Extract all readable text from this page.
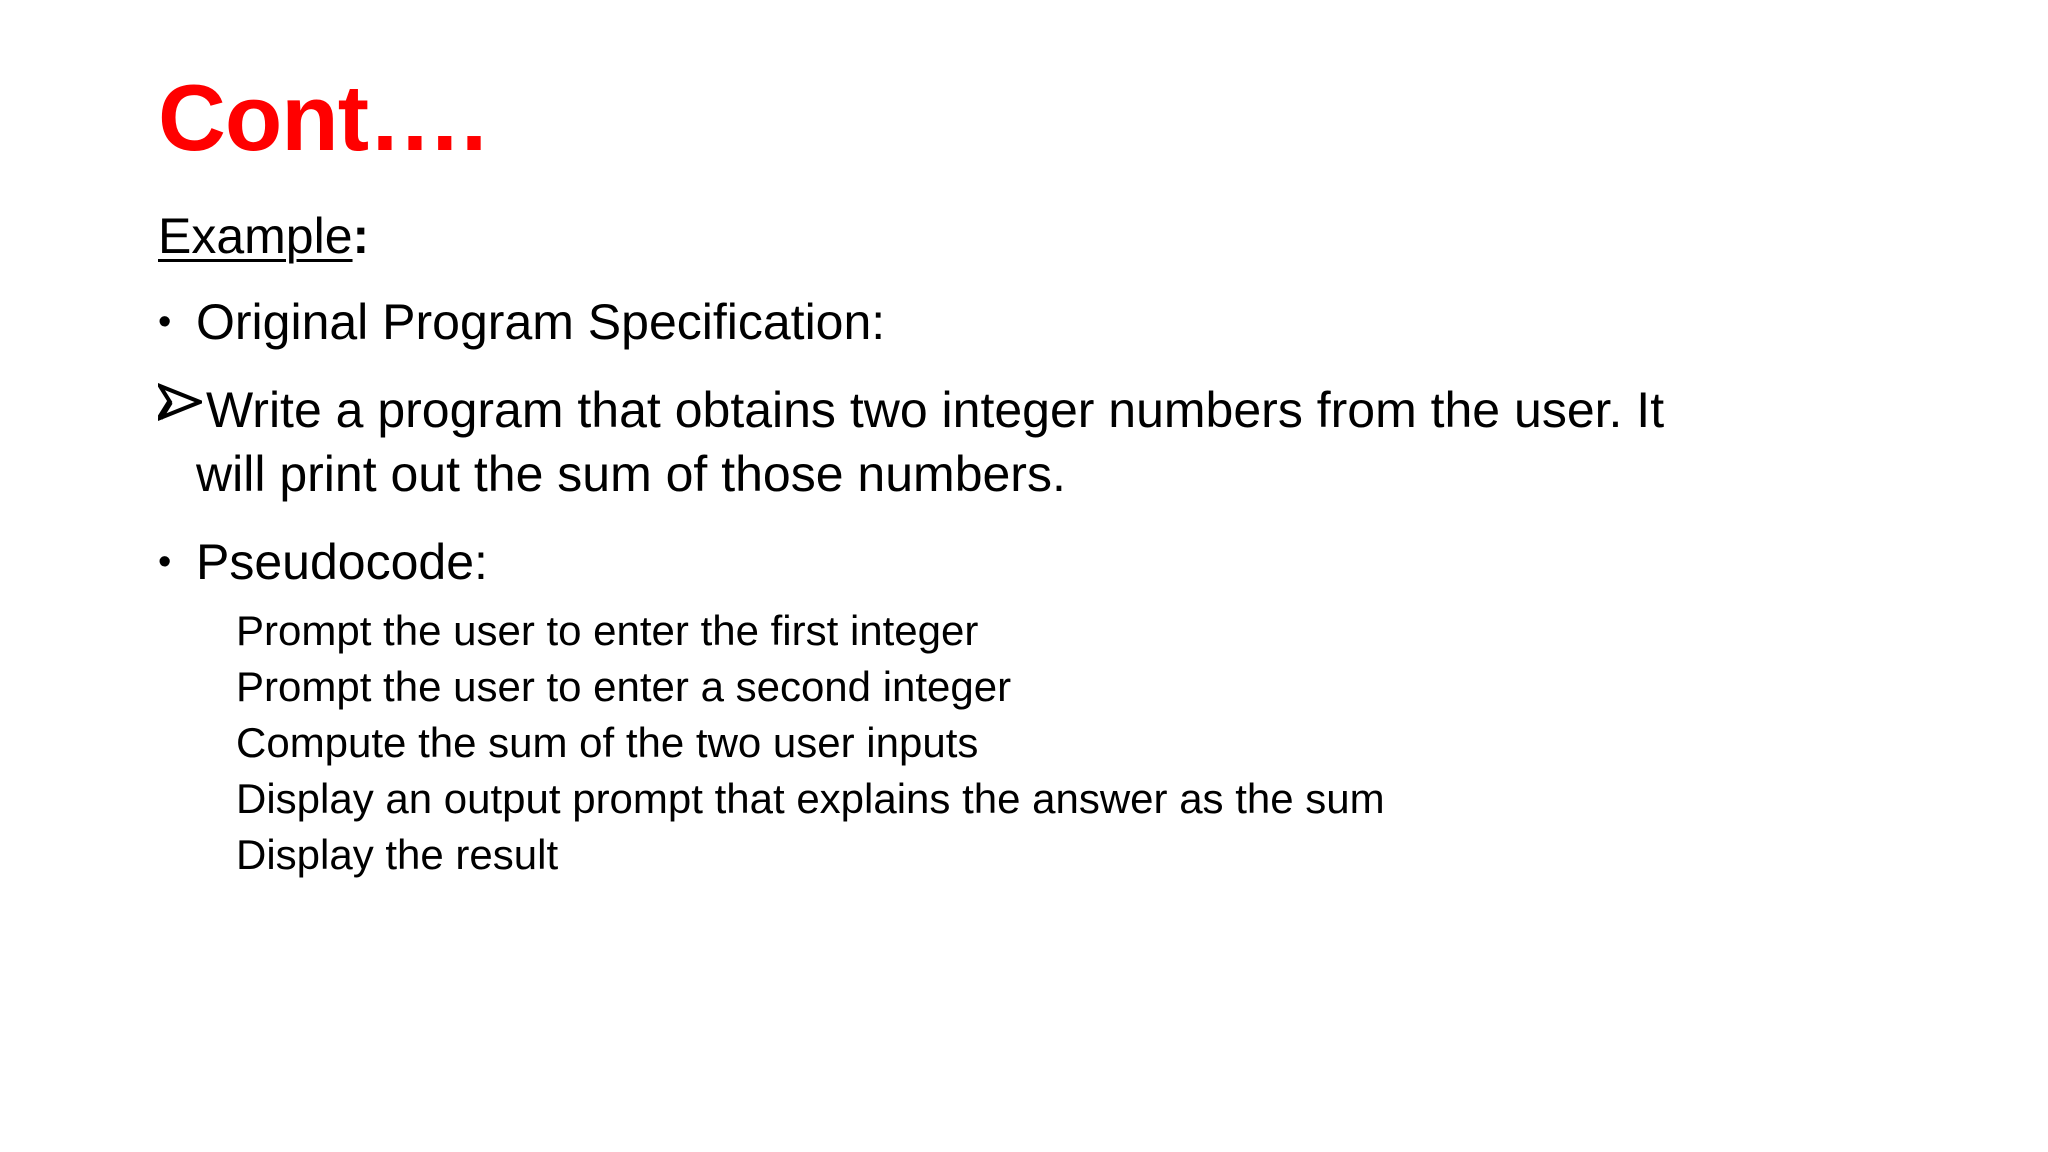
Cont….
Example:
• Original Program Specification:
Write a program that obtains two integer numbers from the user. It
will print out the sum of those numbers.
• Pseudocode:
Prompt the user to enter the first integer
Prompt the user to enter a second integer
Compute the sum of the two user inputs
Display an output prompt that explains the answer as the sum
Display the result
